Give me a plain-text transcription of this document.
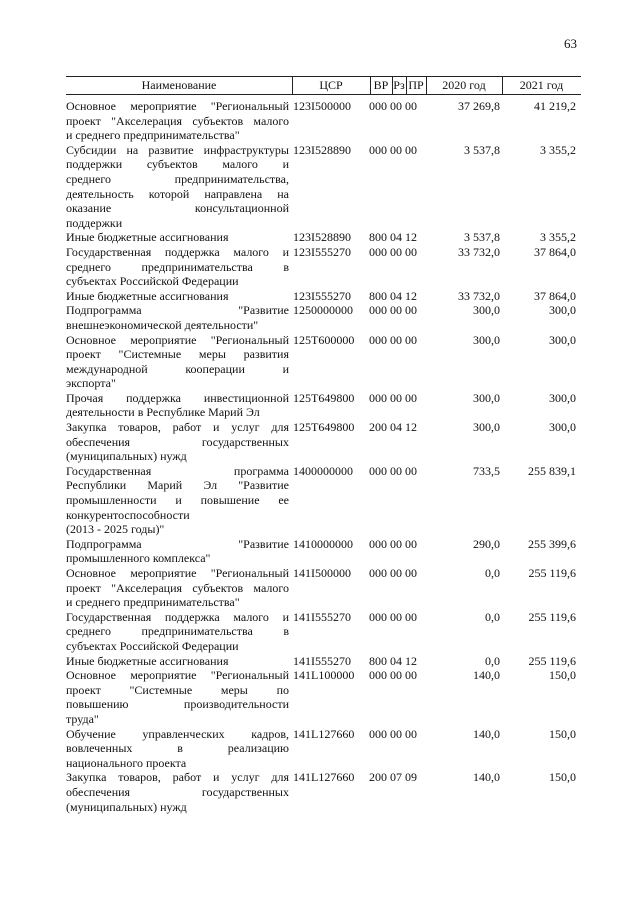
63
Наименование	ЦСР	ВР Рз ПР	2020 год	2021 год
Основное мероприятие "Региональный
проект "Акселерация субъектов малого
и среднего предпринимательства"
123I500000	000 00 00	37 269,8	41 219,2
Субсидии на развитие инфраструктуры
поддержки субъектов малого и
среднего предпринимательства,
деятельность которой направлена на
оказание консультационной
поддержки
123I528890	000 00 00	3 537,8	3 355,2
Иные бюджетные ассигнования	123I528890	800 04 12	3 537,8	3 355,2
Государственная поддержка малого и
среднего предпринимательства в
субъектах Российской Федерации
123I555270	000 00 00	33 732,0	37 864,0
Иные бюджетные ассигнования	123I555270	800 04 12	33 732,0	37 864,0
Подпрограмма "Развитие
внешнеэкономической деятельности"
1250000000	000 00 00	300,0	300,0
Основное мероприятие "Региональный
проект "Системные меры развития
международной кооперации и
экспорта"
125T600000	000 00 00	300,0	300,0
Прочая поддержка инвестиционной
деятельности в Республике Марий Эл
125T649800	000 00 00	300,0	300,0
Закупка товаров, работ и услуг для
обеспечения государственных
(муниципальных) нужд
125T649800	200 04 12	300,0	300,0
Государственная программа
Республики Марий Эл "Развитие
промышленности и повышение ее
конкурентоспособности
(2013 - 2025 годы)"
1400000000	000 00 00	733,5	255 839,1
Подпрограмма "Развитие
промышленного комплекса"
1410000000	000 00 00	290,0	255 399,6
Основное мероприятие "Региональный
проект "Акселерация субъектов малого
и среднего предпринимательства"
141I500000	000 00 00	0,0	255 119,6
Государственная поддержка малого и
среднего предпринимательства в
субъектах Российской Федерации
141I555270	000 00 00	0,0	255 119,6
Иные бюджетные ассигнования	141I555270	800 04 12	0,0	255 119,6
Основное мероприятие "Региональный
проект "Системные меры по
повышению производительности
труда"
141L100000	000 00 00	140,0	150,0
Обучение управленческих кадров,
вовлеченных в реализацию
национального проекта
141L127660	000 00 00	140,0	150,0
Закупка товаров, работ и услуг для
обеспечения государственных
(муниципальных) нужд
141L127660	200 07 09	140,0	150,0
